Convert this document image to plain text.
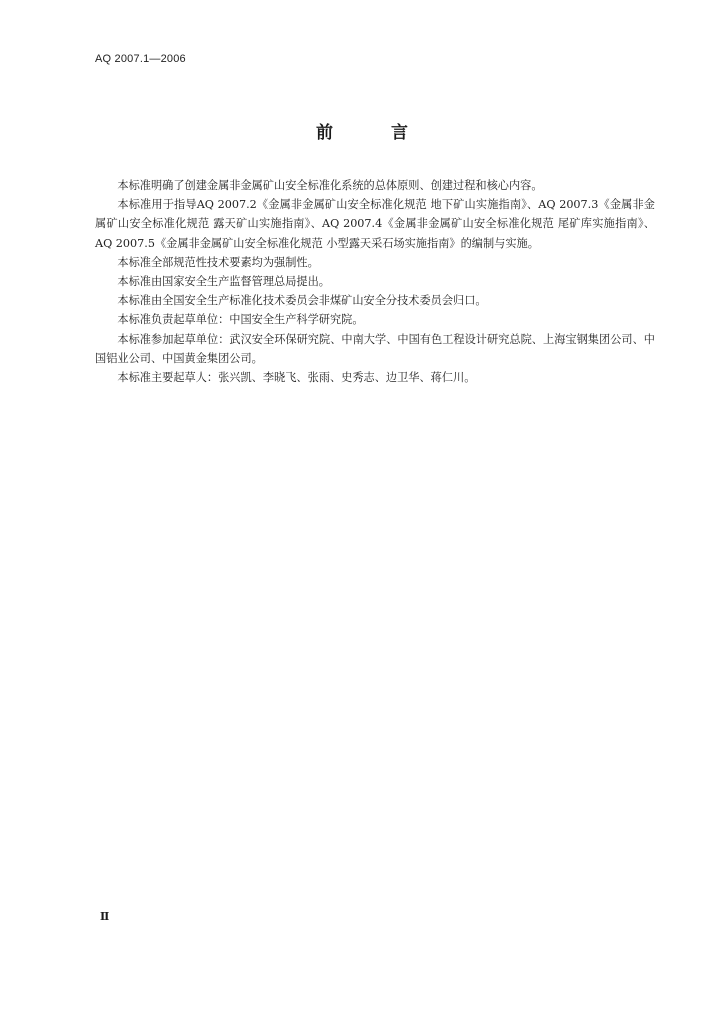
AQ 2007.1—2006
前 言

本标准明确了创建金属非金属矿山安全标准化系统的总体原则、创建过程和核心内容。

本标准用于指导AQ 2007.2《金属非金属矿山安全标准化规范 地下矿山实施指南》、AQ 2007.3《金属非金属矿山安全标准化规范 露天矿山实施指南》、AQ 2007.4《金属非金属矿山安全标准化规范 尾矿库实施指南》、AQ 2007.5《金属非金属矿山安全标准化规范 小型露天采石场实施指南》的编制与实施。

本标准全部规范性技术要素均为强制性。

本标准由国家安全生产监督管理总局提出。

本标准由全国安全生产标准化技术委员会非煤矿山安全分技术委员会归口。

本标准负责起草单位：中国安全生产科学研究院。

本标准参加起草单位：武汉安全环保研究院、中南大学、中国有色工程设计研究总院、上海宝钢集团公司、中国铝业公司、中国黄金集团公司。

本标准主要起草人：张兴凯、李晓飞、张雨、史秀志、边卫华、蒋仁川。

Ⅱ
